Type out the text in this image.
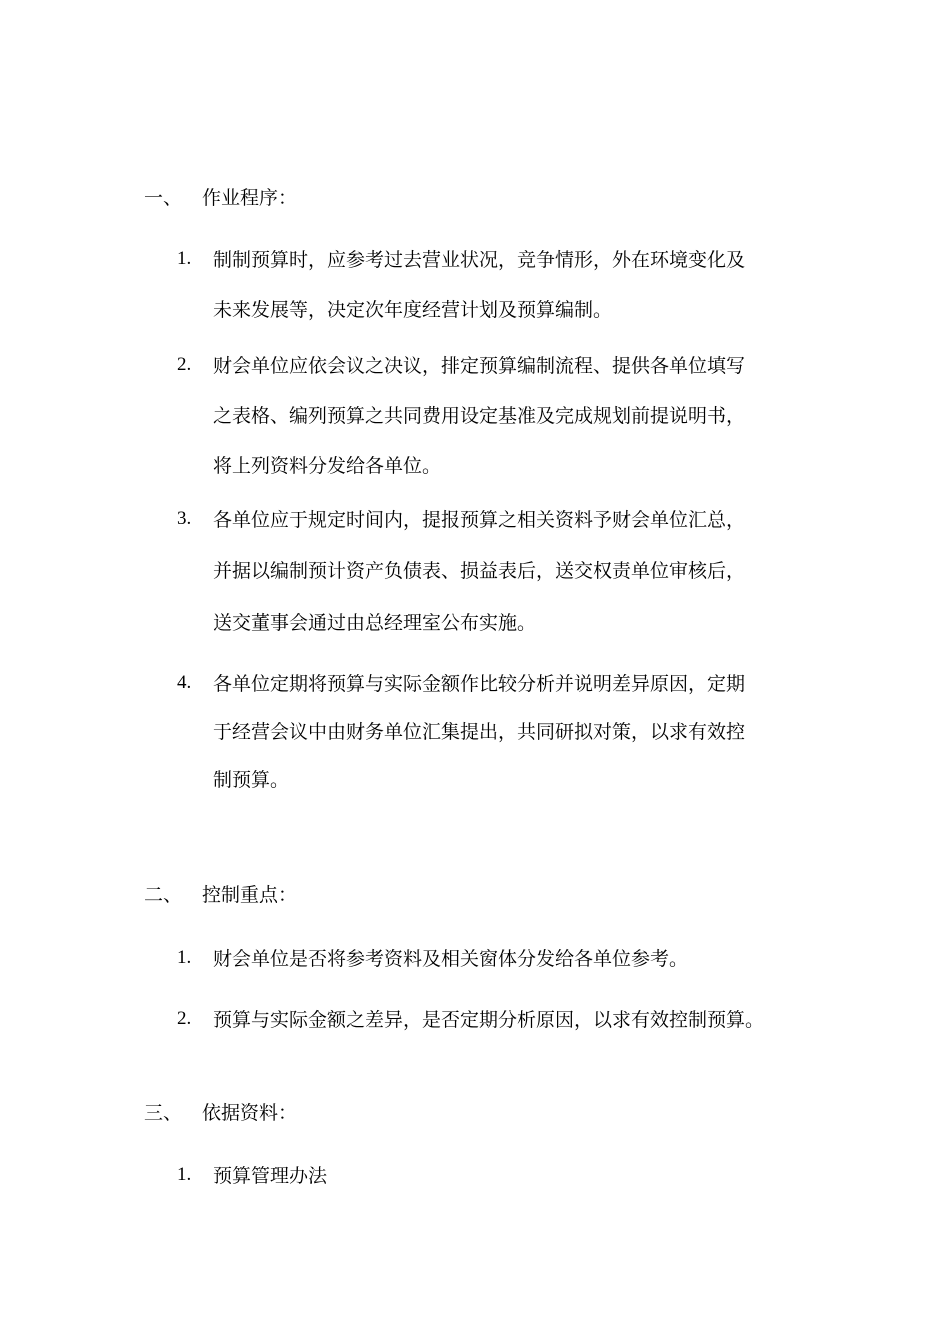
一、 作业程序：
1.	制制预算时，应参考过去营业状况，竞争情形，外在环境变化及
未来发展等，决定次年度经营计划及预算编制。
2.	财会单位应依会议之决议，排定预算编制流程、提供各单位填写
之表格、编列预算之共同费用设定基准及完成规划前提说明书，
将上列资料分发给各单位。
3.	各单位应于规定时间内，提报预算之相关资料予财会单位汇总，
并据以编制预计资产负债表、损益表后，送交权责单位审核后，
送交董事会通过由总经理室公布实施。
4.	各单位定期将预算与实际金额作比较分析并说明差异原因，定期
于经营会议中由财务单位汇集提出，共同研拟对策，以求有效控
制预算。
二、 控制重点：
1.	财会单位是否将参考资料及相关窗体分发给各单位参考。
2.	预算与实际金额之差异，是否定期分析原因，以求有效控制预算。
三、 依据资料：
1.	预算管理办法
